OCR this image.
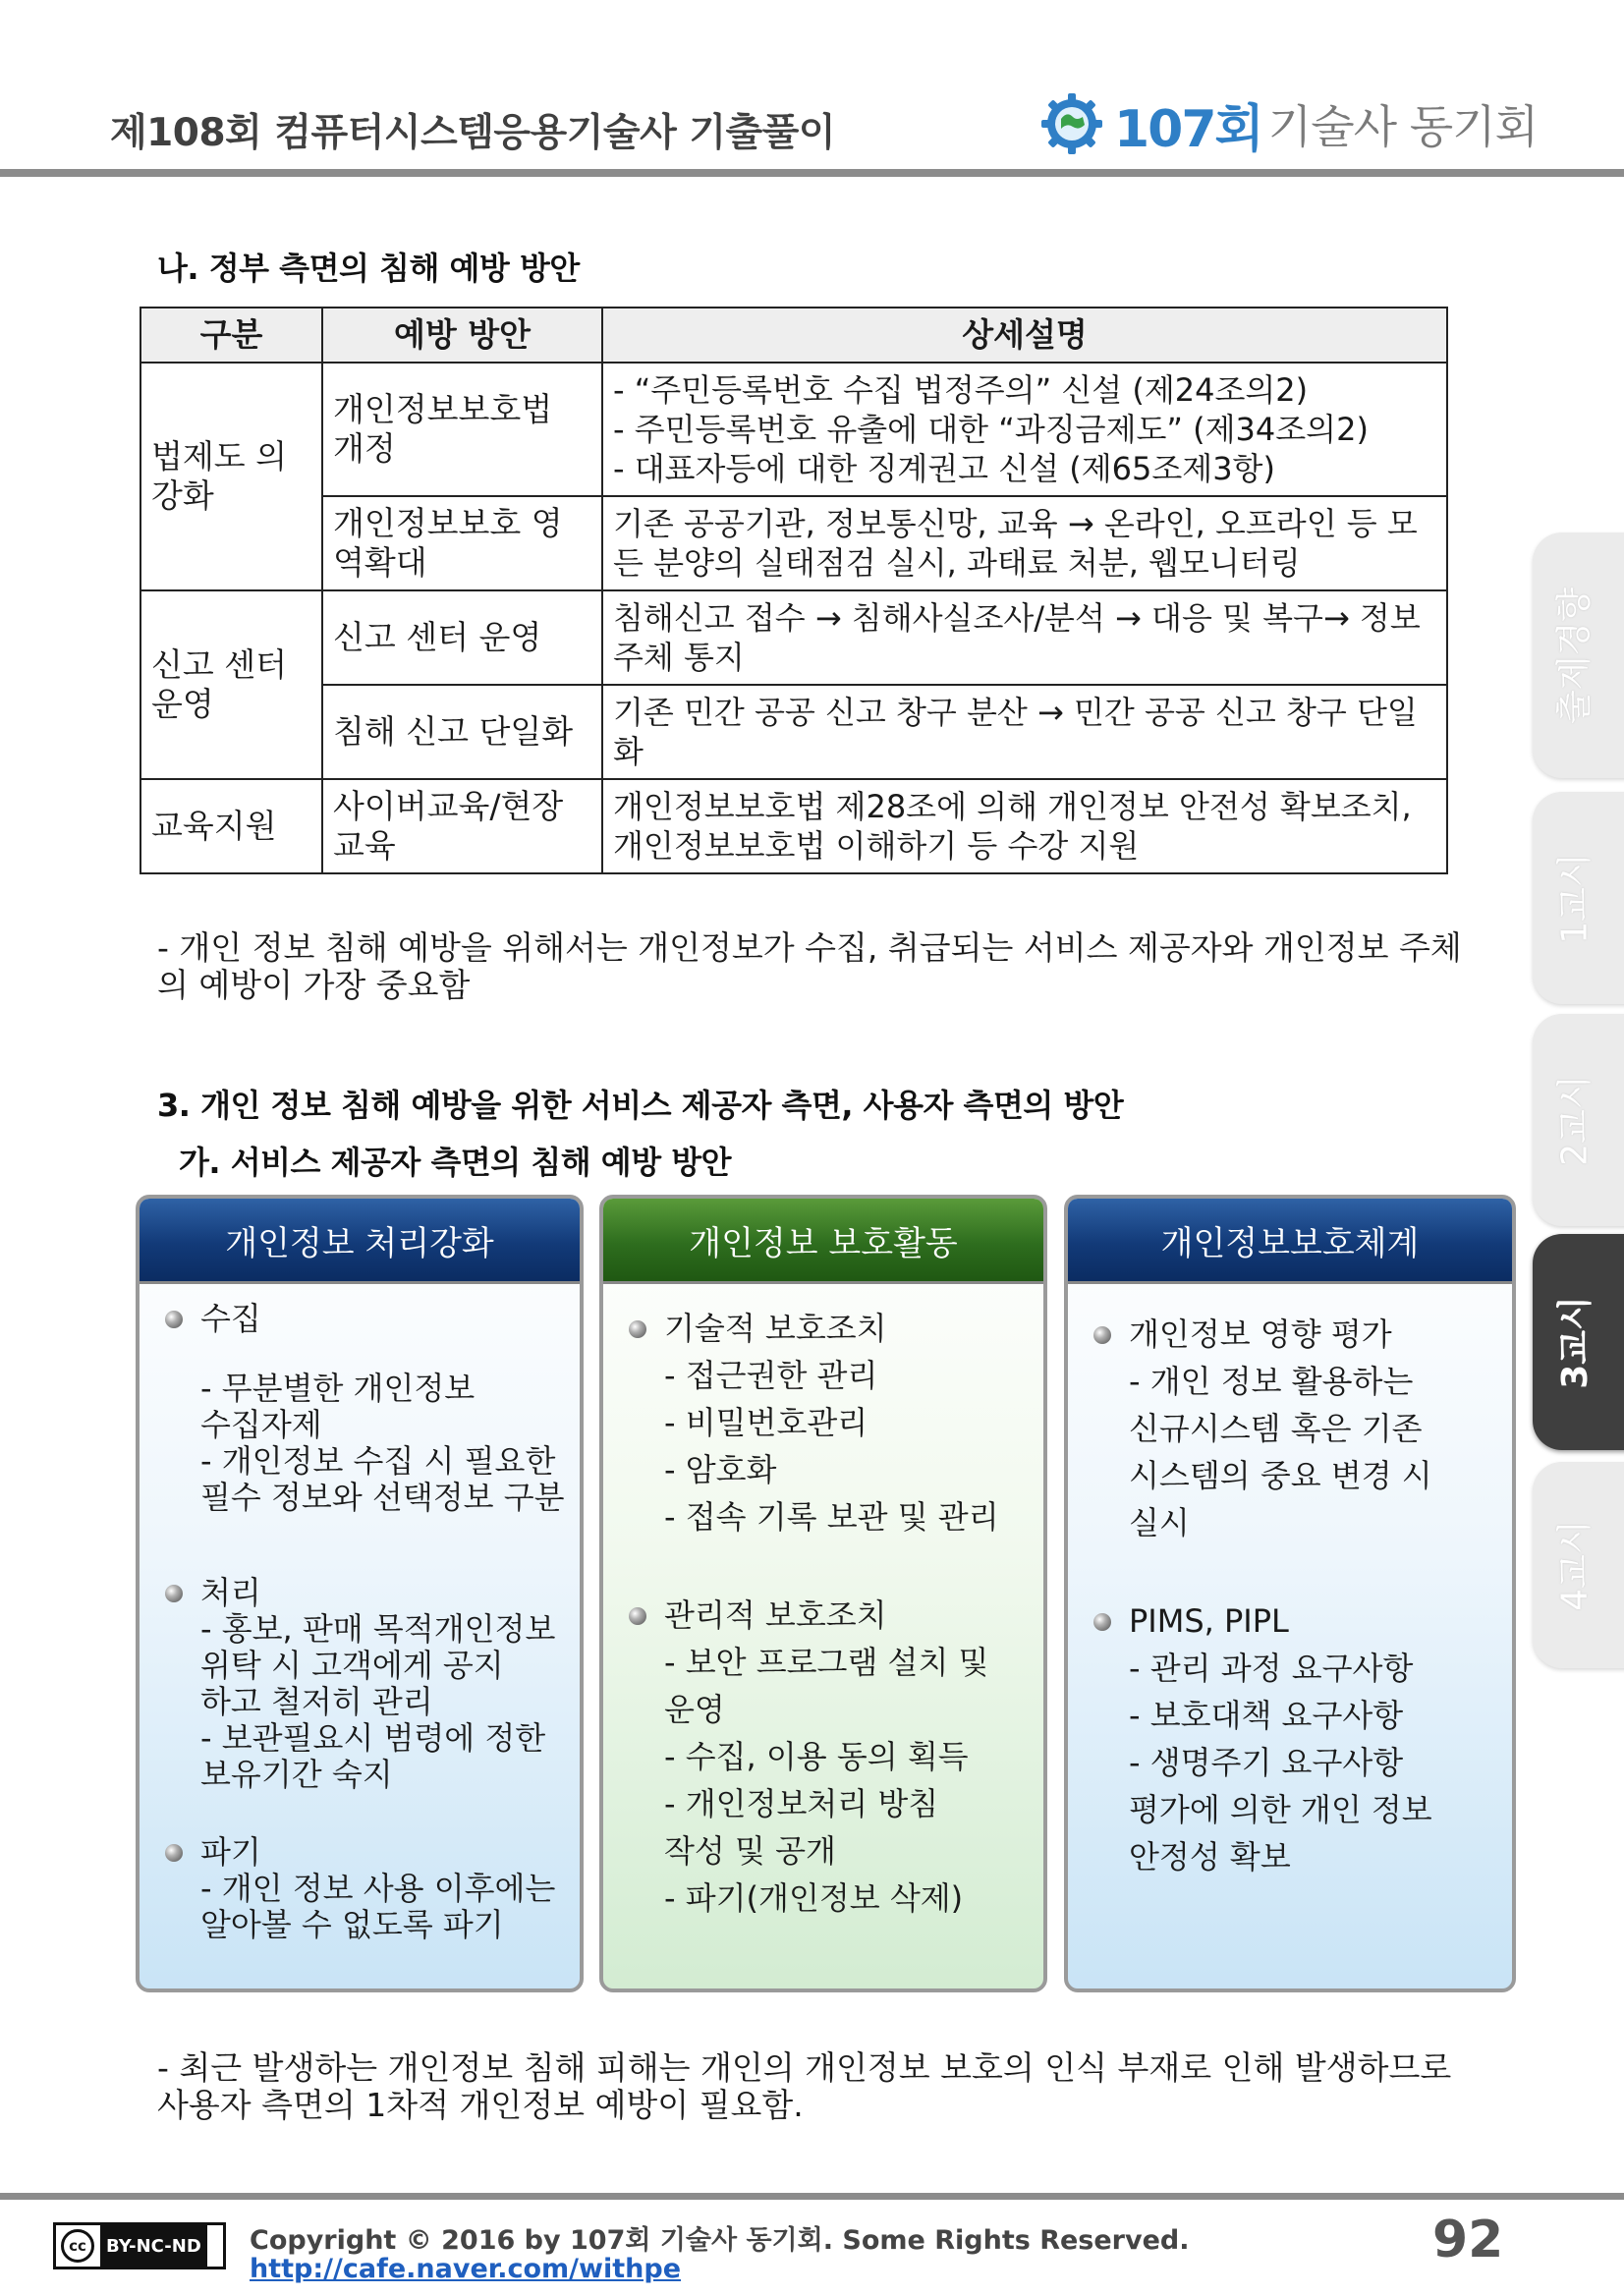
제108회 컴퓨터시스템응용기술사 기출풀이	107회 기술사 동기회
나. 정부 측면의 침해 예방 방안
구분	예방 방안	상세설명
법제도 의 강화	개인정보보호법 개정	- “주민등록번호 수집 법정주의” 신설 (제24조의2)
- 주민등록번호 유출에 대한 “과징금제도” (제34조의2)
- 대표자등에 대한 징계권고 신설 (제65조제3항)
	개인정보보호 영역확대	기존 공공기관, 정보통신망, 교육 → 온라인, 오프라인 등 모든 분양의 실태점검 실시, 과태료 처분, 웹모니터링
신고 센터 운영	신고 센터 운영	침해신고 접수 → 침해사실조사/분석 → 대응 및 복구→ 정보주체 통지
	침해 신고 단일화	기존 민간 공공 신고 창구 분산 → 민간 공공 신고 창구 단일화
교육지원	사이버교육/현장교육	개인정보보호법 제28조에 의해 개인정보 안전성 확보조치, 개인정보보호법 이해하기 등 수강 지원
- 개인 정보 침해 예방을 위해서는 개인정보가 수집, 취급되는 서비스 제공자와 개인정보 주체의 예방이 가장 중요함
3. 개인 정보 침해 예방을 위한 서비스 제공자 측면, 사용자 측면의 방안
가. 서비스 제공자 측면의 침해 예방 방안
개인정보 처리강화
수집
- 무분별한 개인정보
수집자제
- 개인정보 수집 시 필요한
필수 정보와 선택정보 구분
처리
- 홍보, 판매 목적개인정보
위탁 시 고객에게 공지
하고 철저히 관리
- 보관필요시 범령에 정한
보유기간 숙지
파기
- 개인 정보 사용 이후에는
알아볼 수 없도록 파기
개인정보 보호활동
기술적 보호조치
- 접근권한 관리
- 비밀번호관리
- 암호화
- 접속 기록 보관 및 관리
관리적 보호조치
- 보안 프로그램 설치 및
운영
- 수집, 이용 동의 획득
- 개인정보처리 방침
작성 및 공개
- 파기(개인정보 삭제)
개인정보보호체계
개인정보 영향 평가
- 개인 정보 활용하는
신규시스템 혹은 기존
시스템의 중요 변경 시
실시
PIMS, PIPL
- 관리 과정 요구사항
- 보호대책 요구사항
- 생명주기 요구사항
평가에 의한 개인 정보
안정성 확보
- 최근 발생하는 개인정보 침해 피해는 개인의 개인정보 보호의 인식 부재로 인해 발생하므로 사용자 측면의 1차적 개인정보 예방이 필요함.
출제경향
1교시
2교시
3교시
4교시
cc	BY-NC-ND Copyright © 2016 by 107회 기술사 동기회. Some Rights Reserved.
http://cafe.naver.com/withpe	92
